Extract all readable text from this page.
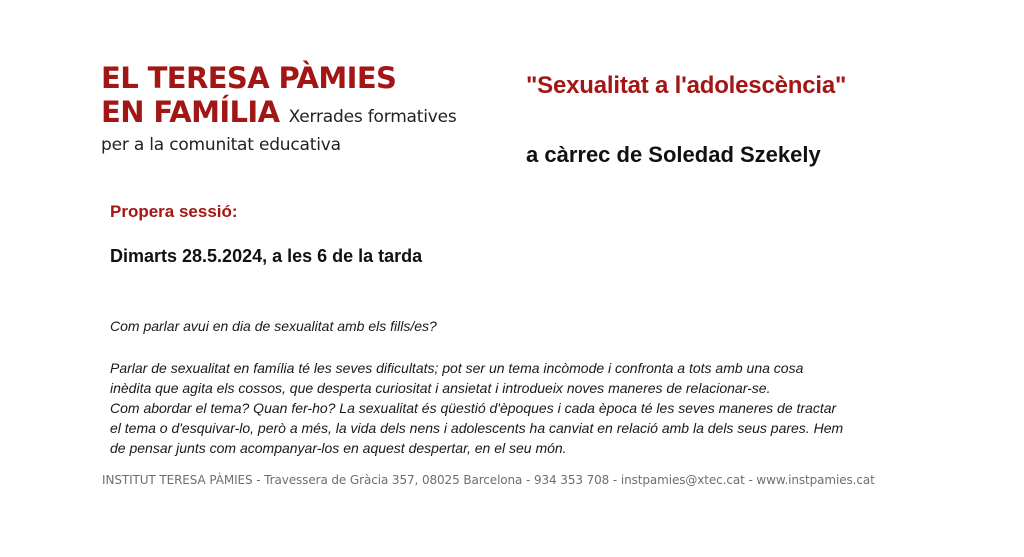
EL TERESA PÀMIES
EN FAMÍLIA Xerrades formatives
per a la comunitat educativa
"Sexualitat a l'adolescència"
a càrrec de Soledad Szekely
Propera sessió:
Dimarts 28.5.2024, a les 6 de la tarda
Com parlar avui en dia de sexualitat amb els fills/es?
Parlar de sexualitat en família té les seves dificultats; pot ser un tema incòmode i confronta a tots amb una cosa
inèdita que agita els cossos, que desperta curiositat i ansietat i introdueix noves maneres de relacionar-se.
Com abordar el tema? Quan fer-ho? La sexualitat és qüestió d'èpoques i cada època té les seves maneres de tractar
el tema o d'esquivar-lo, però a més, la vida dels nens i adolescents ha canviat en relació amb la dels seus pares. Hem
de pensar junts com acompanyar-los en aquest despertar, en el seu món.
INSTITUT TERESA PÀMIES - Travessera de Gràcia 357, 08025 Barcelona - 934 353 708 - instpamies@xtec.cat - www.instpamies.cat
